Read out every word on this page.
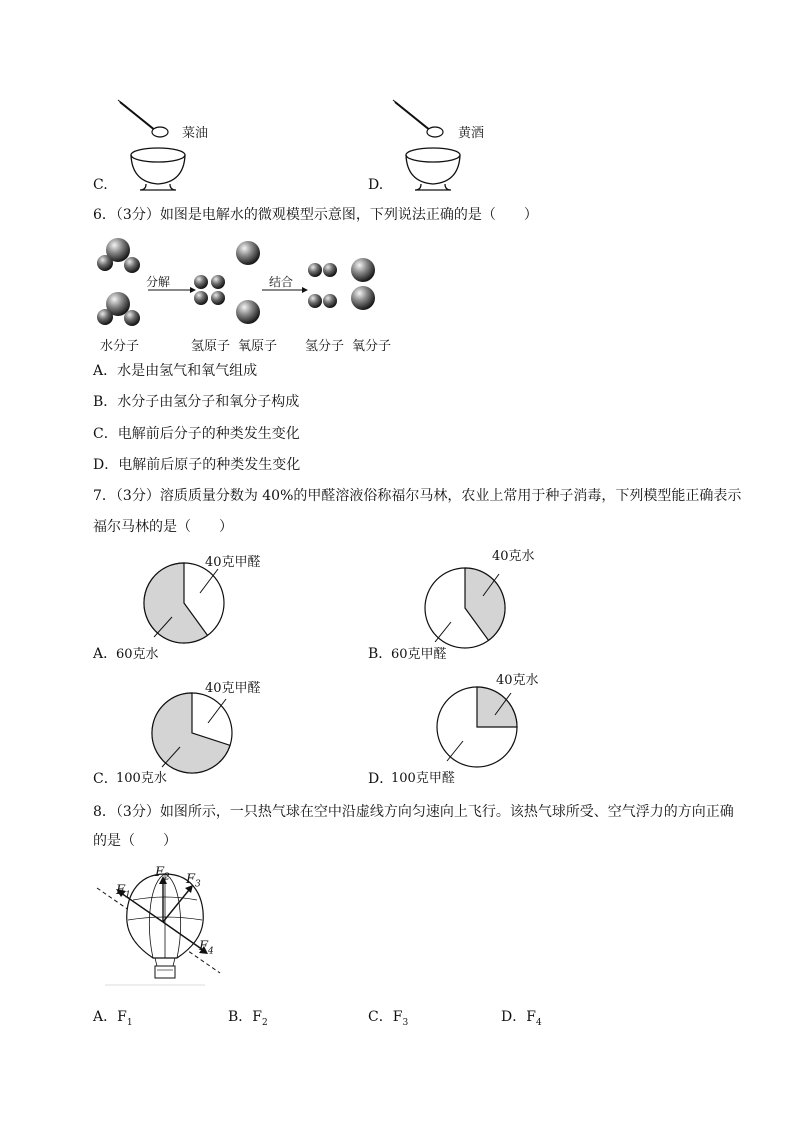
C.
菜油
D.
黄酒
6．（3分）如图是电解水的微观模型示意图，下列说法正确的是（　　）
分解	结合
水分子	氢原子 氧原子 氢分子 氧分子
A．水是由氢气和氧气组成
B．水分子由氢分子和氧分子构成
C．电解前后分子的种类发生变化
D．电解前后原子的种类发生变化
7．（3分）溶质质量分数为 40%的甲醛溶液俗称福尔马林，农业上常用于种子消毒，下列模型能正确表示
福尔马林的是（　　）
A．
60克水
40克甲醛
B．
60克甲醛
40克水
C．
100克水
40克甲醛
D．
100克甲醛
40克水
8．（3分）如图所示，一只热气球在空中沿虚线方向匀速向上飞行。该热气球所受、空气浮力的方向正确
的是（　　）
$F_1$
$F_2$ $F_3$
$F_4$
A．$F_1$	B．$F_2$	C．$F_3$	D．$F_4$
